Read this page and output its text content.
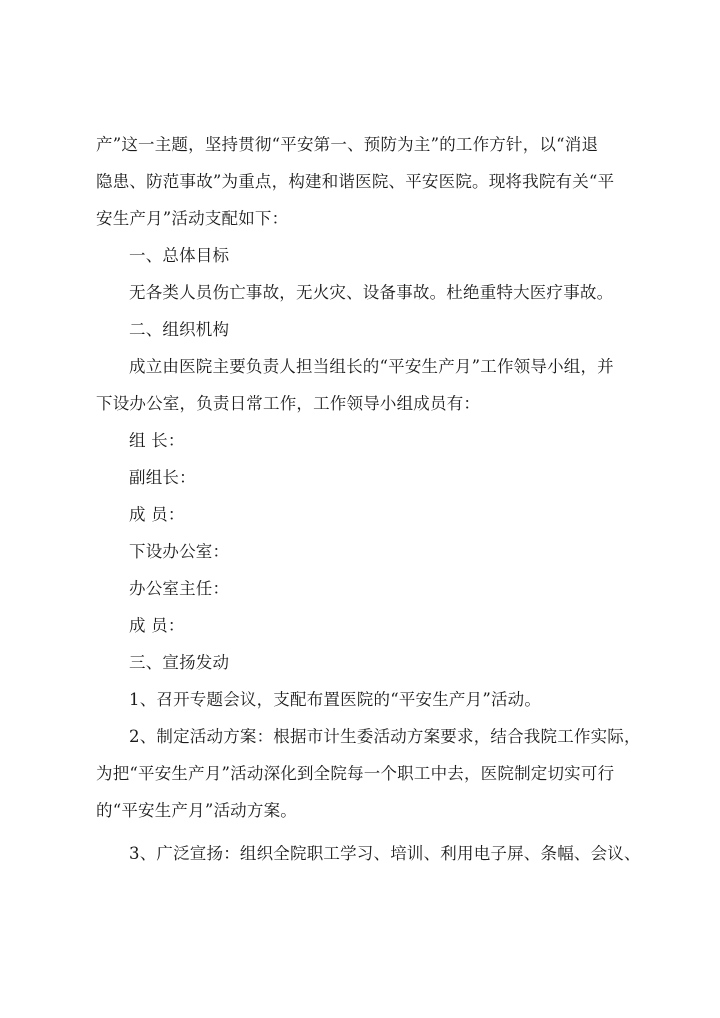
产”这一主题，坚持贯彻“平安第一、预防为主”的工作方针，以“消退
隐患、防范事故”为重点，构建和谐医院、平安医院。现将我院有关“平
安生产月”活动支配如下：
一、总体目标
无各类人员伤亡事故，无火灾、设备事故。杜绝重特大医疗事故。
二、组织机构
成立由医院主要负责人担当组长的“平安生产月”工作领导小组，并
下设办公室，负责日常工作，工作领导小组成员有：
组 长：
副组长：
成 员：
下设办公室：
办公室主任：
成 员：
三、宣扬发动
1、召开专题会议，支配布置医院的“平安生产月”活动。
2、制定活动方案：根据市计生委活动方案要求，结合我院工作实际，
为把“平安生产月”活动深化到全院每一个职工中去，医院制定切实可行
的“平安生产月”活动方案。
3、广泛宣扬：组织全院职工学习、培训、利用电子屏、条幅、会议、
